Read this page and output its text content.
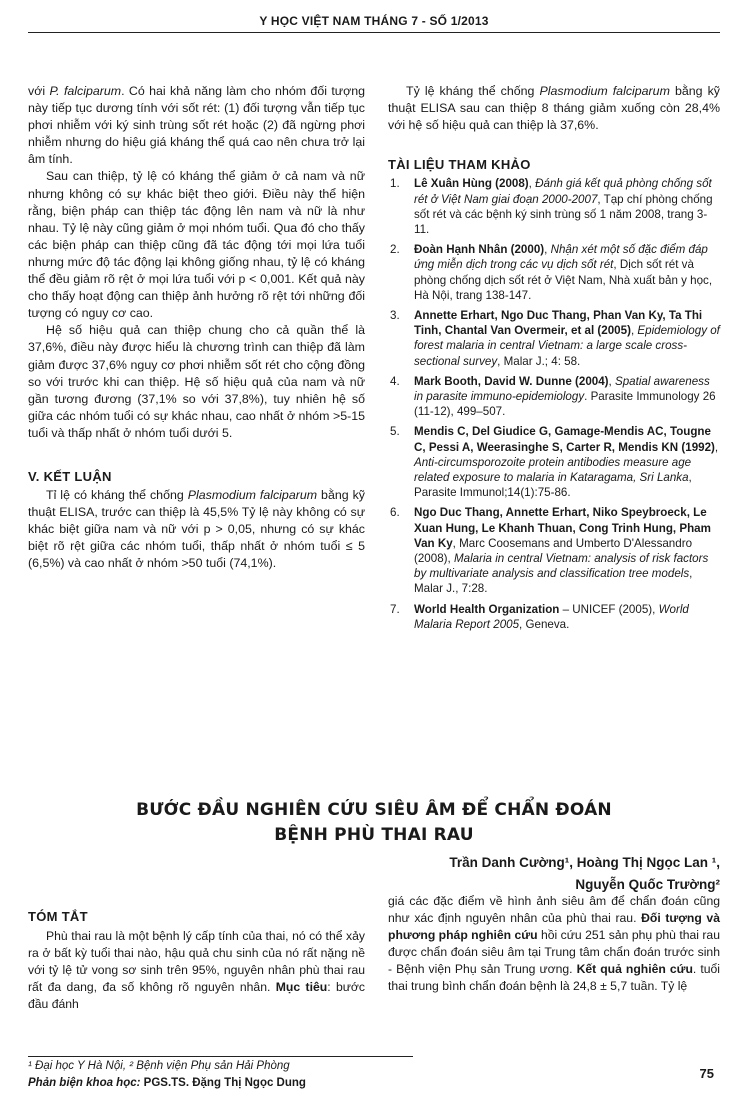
Y HỌC VIỆT NAM THÁNG 7 - SỐ 1/2013

với P. falciparum. Có hai khả năng làm cho nhóm đối tượng này tiếp tục dương tính với sốt rét: (1) đối tượng vẫn tiếp tục phơi nhiễm với ký sinh trùng sốt rét hoặc (2) đã ngừng phơi nhiễm nhưng do hiệu giá kháng thể quá cao nên chưa trở lại âm tính.

Sau can thiệp, tỷ lệ có kháng thể giảm ở cả nam và nữ nhưng không có sự khác biệt theo giới. Điều này thể hiện rằng, biện pháp can thiệp tác động lên nam và nữ là như nhau. Tỷ lệ này cũng giảm ở mọi nhóm tuổi. Qua đó cho thấy các biện pháp can thiệp cũng đã tác động tới mọi lứa tuổi nhưng mức độ tác động lại không giống nhau, tỷ lệ có kháng thể đều giảm rõ rệt ở mọi lứa tuổi với p < 0,001. Kết quả này cho thấy hoạt động can thiệp ảnh hưởng rõ rệt tới những đối tượng có nguy cơ cao.

Hệ số hiệu quả can thiệp chung cho cả quần thể là 37,6%, điều này được hiểu là chương trình can thiệp đã làm giảm được 37,6% nguy cơ phơi nhiễm sốt rét cho cộng đồng so với trước khi can thiệp. Hệ số hiệu quả của nam và nữ gần tương đương (37,1% so với 37,8%), tuy nhiên hệ số giữa các nhóm tuổi có sự khác nhau, cao nhất ở nhóm >5-15 tuổi và thấp nhất ở nhóm tuổi dưới 5.

V. KẾT LUẬN

Tỉ lệ có kháng thể chống Plasmodium falciparum bằng kỹ thuật ELISA, trước can thiệp là 45,5% Tỷ lệ này không có sự khác biệt giữa nam và nữ với p > 0,05, nhưng có sự khác biệt rõ rệt giữa các nhóm tuổi, thấp nhất ở nhóm tuổi ≤ 5 (6,5%) và cao nhất ở nhóm >50 tuổi (74,1%).

Tỷ lệ kháng thể chống Plasmodium falciparum bằng kỹ thuật ELISA sau can thiệp 8 tháng giảm xuống còn 28,4% với hệ số hiệu quả can thiệp là 37,6%.

TÀI LIỆU THAM KHẢO
1. Lê Xuân Hùng (2008), Đánh giá kết quả phòng chống sốt rét ở Việt Nam giai đoạn 2000-2007, Tạp chí phòng chống sốt rét và các bệnh ký sinh trùng số 1 năm 2008, trang 3-11.
2. Đoàn Hạnh Nhân (2000), Nhận xét một số đặc điểm đáp ứng miễn dịch trong các vụ dịch sốt rét, Dịch sốt rét và phòng chống dịch sốt rét ở Việt Nam, Nhà xuất bản y học, Hà Nội, trang 138-147.
3. Annette Erhart, Ngo Duc Thang, Phan Van Ky, Ta Thi Tinh, Chantal Van Overmeir, et al (2005), Epidemiology of forest malaria in central Vietnam: a large scale cross-sectional survey, Malar J.; 4: 58.
4. Mark Booth, David W. Dunne (2004), Spatial awareness in parasite immuno-epidemiology. Parasite Immunology 26 (11-12), 499–507.
5. Mendis C, Del Giudice G, Gamage-Mendis AC, Tougne C, Pessi A, Weerasinghe S, Carter R, Mendis KN (1992), Anti-circumsporozoite protein antibodies measure age related exposure to malaria in Kataragama, Sri Lanka, Parasite Immunol;14(1):75-86.
6. Ngo Duc Thang, Annette Erhart, Niko Speybroeck, Le Xuan Hung, Le Khanh Thuan, Cong Trinh Hung, Pham Van Ky, Marc Coosemans and Umberto D'Alessandro (2008), Malaria in central Vietnam: analysis of risk factors by multivariate analysis and classification tree models, Malar J., 7:28.
7. World Health Organization – UNICEF (2005), World Malaria Report 2005, Geneva.
BƯỚC ĐẦU NGHIÊN CỨU SIÊU ÂM ĐỂ CHẨN ĐOÁN
BỆNH PHÙ THAI RAU
Trần Danh Cường¹, Hoàng Thị Ngọc Lan ¹,
Nguyễn Quốc Trường²
TÓM TẮT

Phù thai rau là một bệnh lý cấp tính của thai, nó có thể xảy ra ở bất kỳ tuổi thai nào, hậu quả chu sinh của nó rất nặng nề với tỷ lệ tử vong sơ sinh trên 95%, nguyên nhân phù thai rau rất đa dang, đa số không rõ nguyên nhân. Mục tiêu: bước đầu đánh

giá các đặc điểm về hình ảnh siêu âm để chẩn đoán cũng như xác định nguyên nhân của phù thai rau. Đối tượng và phương pháp nghiên cứu hồi cứu 251 sản phụ phù thai rau được chẩn đoán siêu âm tại Trung tâm chẩn đoán trước sinh - Bệnh viện Phụ sản Trung ương. Kết quả nghiên cứu. tuổi thai trung bình chẩn đoán bệnh là 24,8 ± 5,7 tuần. Tỷ lệ

¹ Đại học Y Hà Nội, ² Bệnh viện Phụ sản Hải Phòng
Phản biện khoa học: PGS.TS. Đặng Thị Ngọc Dung
75
